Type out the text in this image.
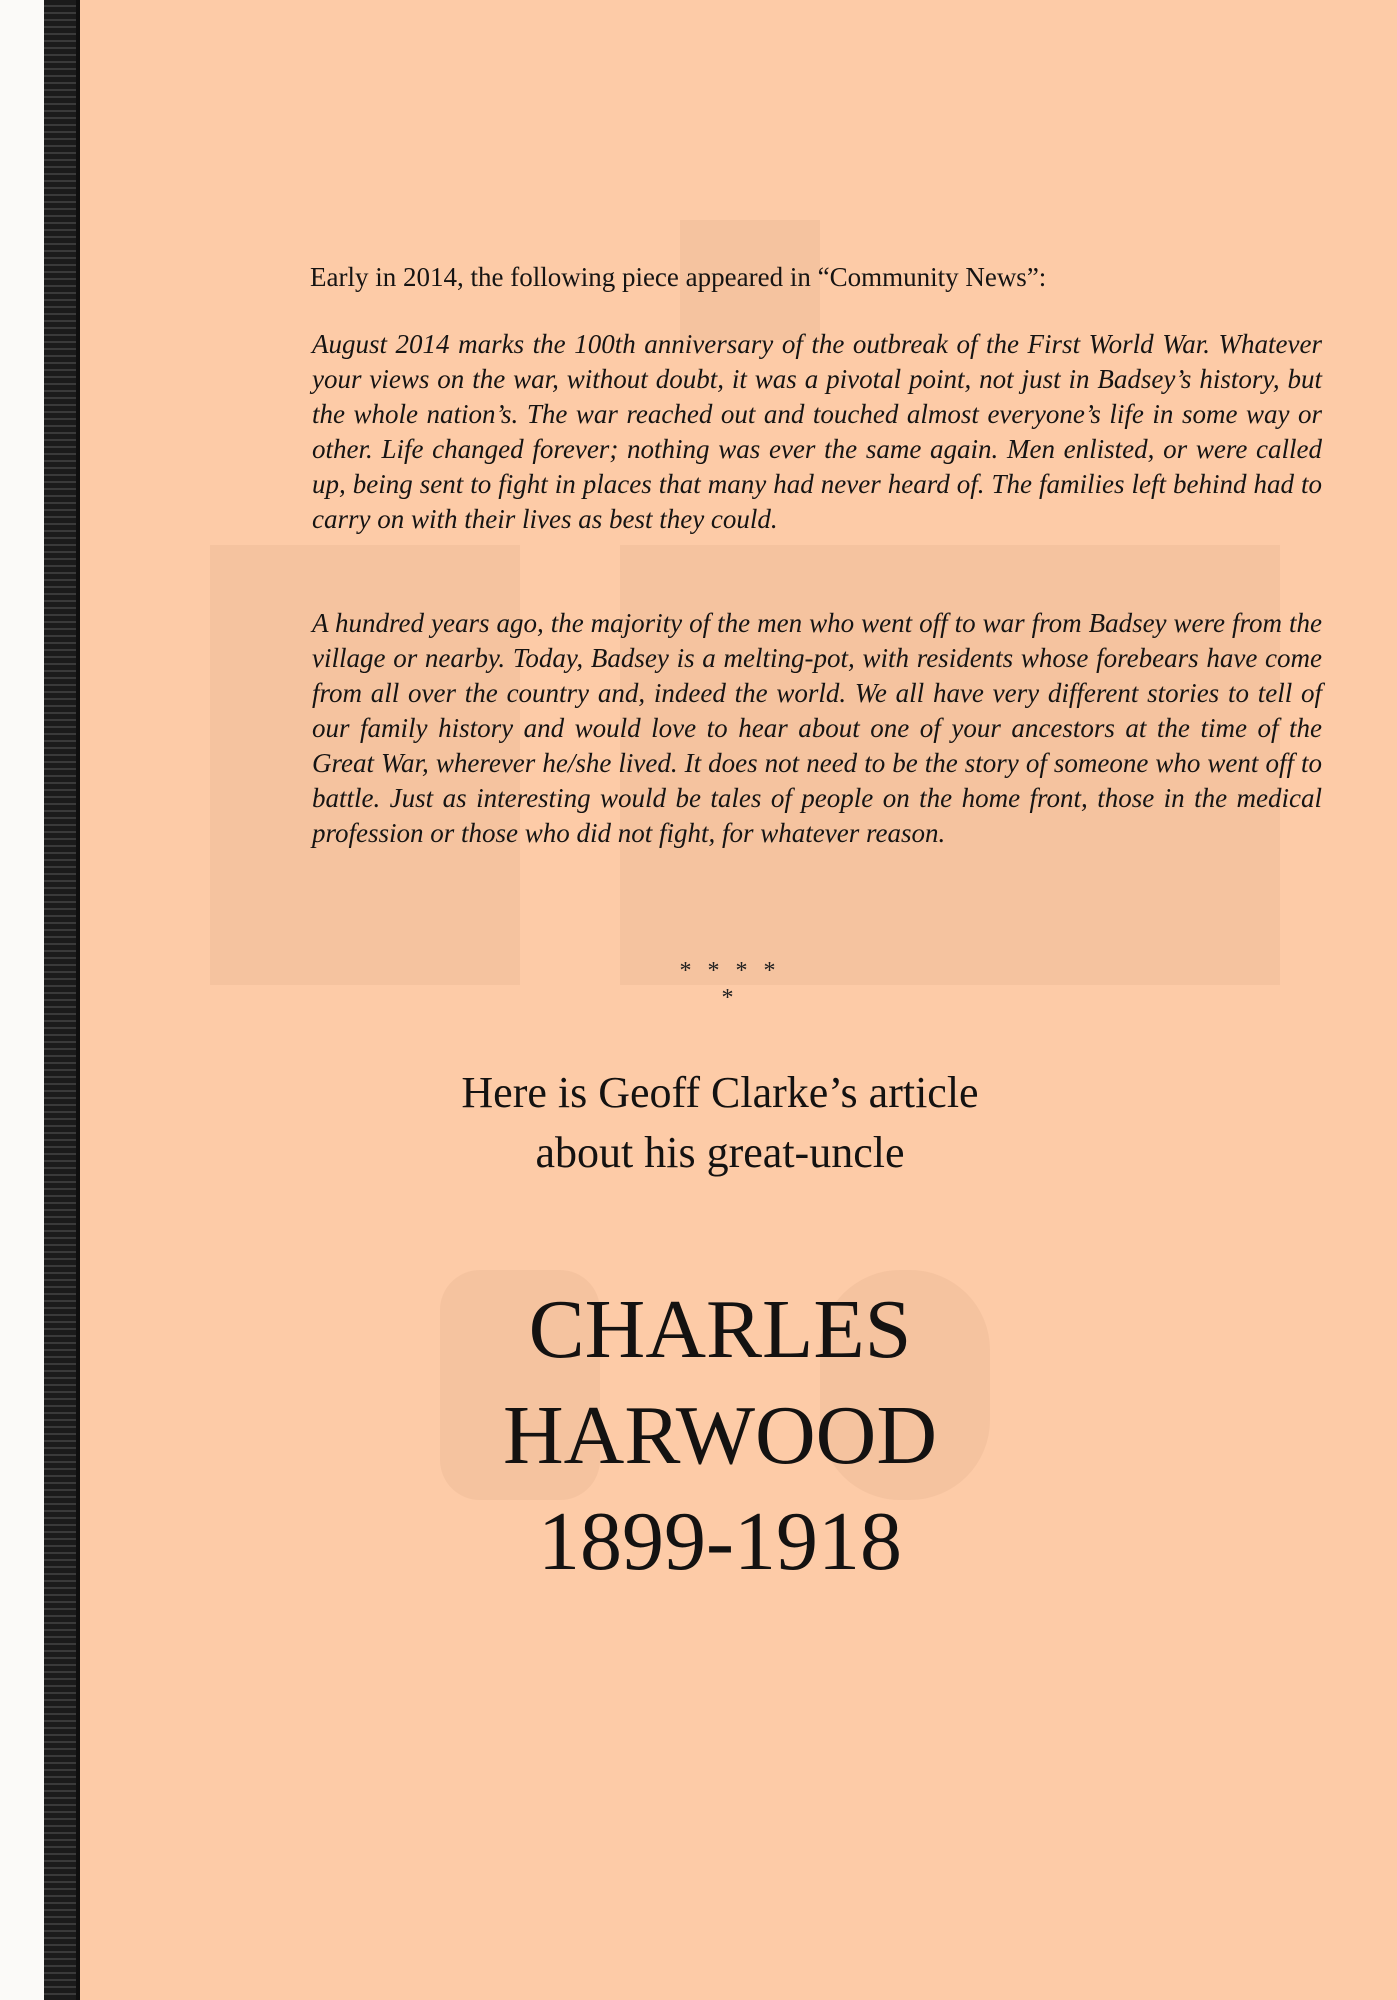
Early in 2014, the following piece appeared in “Community News”:

August 2014 marks the 100th anniversary of the outbreak of the First World War. Whatever your views on the war, without doubt, it was a pivotal point, not just in Badsey’s history, but the whole nation’s. The war reached out and touched almost everyone’s life in some way or other. Life changed forever; nothing was ever the same again. Men enlisted, or were called up, being sent to fight in places that many had never heard of. The families left behind had to carry on with their lives as best they could.

A hundred years ago, the majority of the men who went off to war from Badsey were from the village or nearby. Today, Badsey is a melting-pot, with residents whose forebears have come from all over the country and, indeed the world. We all have very different stories to tell of our family history and would love to hear about one of your ancestors at the time of the Great War, wherever he/she lived. It does not need to be the story of someone who went off to battle. Just as interesting would be tales of people on the home front, those in the medical profession or those who did not fight, for whatever reason.

* * * * *

Here is Geoff Clarke’s article

about his great-uncle

CHARLES

HARWOOD

1899-1918
